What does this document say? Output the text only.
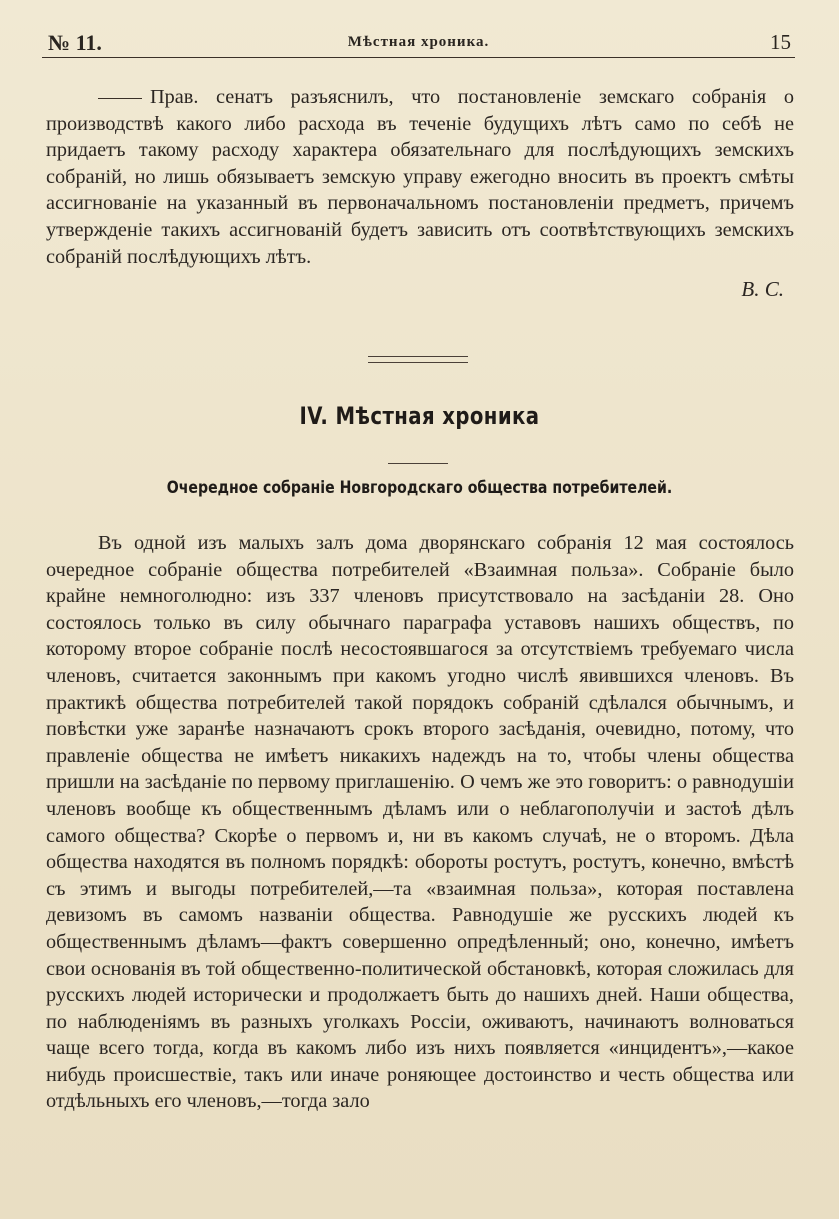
№ 11.	Мѣстная хроника.	15

Прав. сенатъ разъяснилъ, что постановленіе земскаго собранія о производствѣ какого либо расхода въ теченіе будущихъ лѣтъ само по себѣ не придаетъ такому расходу характера обязательнаго для послѣдующихъ земскихъ собраній, но лишь обязываетъ земскую управу ежегодно вносить въ проектъ смѣты ассигнованіе на указанный въ первоначальномъ постановленіи предметъ, причемъ утвержденіе такихъ ассигнованій будетъ зависить отъ соотвѣтствующихъ земскихъ собраній послѣдующихъ лѣтъ.

В. С.
IV. Мѣстная хроника
Очередное собраніе Новгородскаго общества потребителей.

Въ одной изъ малыхъ залъ дома дворянскаго собранія 12 мая состоялось очередное собраніе общества потребителей «Взаимная польза». Собраніе было крайне немноголюдно: изъ 337 членовъ присутствовало на засѣданіи 28. Оно состоялось только въ силу обычнаго параграфа уставовъ нашихъ обществъ, по которому второе собраніе послѣ несостоявшагося за отсутствіемъ требуемаго числа членовъ, считается законнымъ при какомъ угодно числѣ явившихся членовъ. Въ практикѣ общества потребителей такой порядокъ собраній сдѣлался обычнымъ, и повѣстки уже заранѣе назначаютъ срокъ второго засѣданія, очевидно, потому, что правленіе общества не имѣетъ никакихъ надеждъ на то, чтобы члены общества пришли на засѣданіе по первому приглашенію. О чемъ же это говоритъ: о равнодушіи членовъ вообще къ общественнымъ дѣламъ или о неблагополучіи и застоѣ дѣлъ самого общества? Скорѣе о первомъ и, ни въ какомъ случаѣ, не о второмъ. Дѣла общества находятся въ полномъ порядкѣ: обороты ростутъ, ростутъ, конечно, вмѣстѣ съ этимъ и выгоды потребителей,—та «взаимная польза», которая поставлена девизомъ въ самомъ названіи общества. Равнодушіе же русскихъ людей къ общественнымъ дѣламъ—фактъ совершенно опредѣленный; оно, конечно, имѣетъ свои основанія въ той общественно-политической обстановкѣ, которая сложилась для русскихъ людей исторически и продолжаетъ быть до нашихъ дней. Наши общества, по наблюденіямъ въ разныхъ уголкахъ Россіи, оживаютъ, начинаютъ волноваться чаще всего тогда, когда въ какомъ либо изъ нихъ появляется «инцидентъ»,—какое нибудь происшествіе, такъ или иначе роняющее достоинство и честь общества или отдѣльныхъ его членовъ,—тогда зало
